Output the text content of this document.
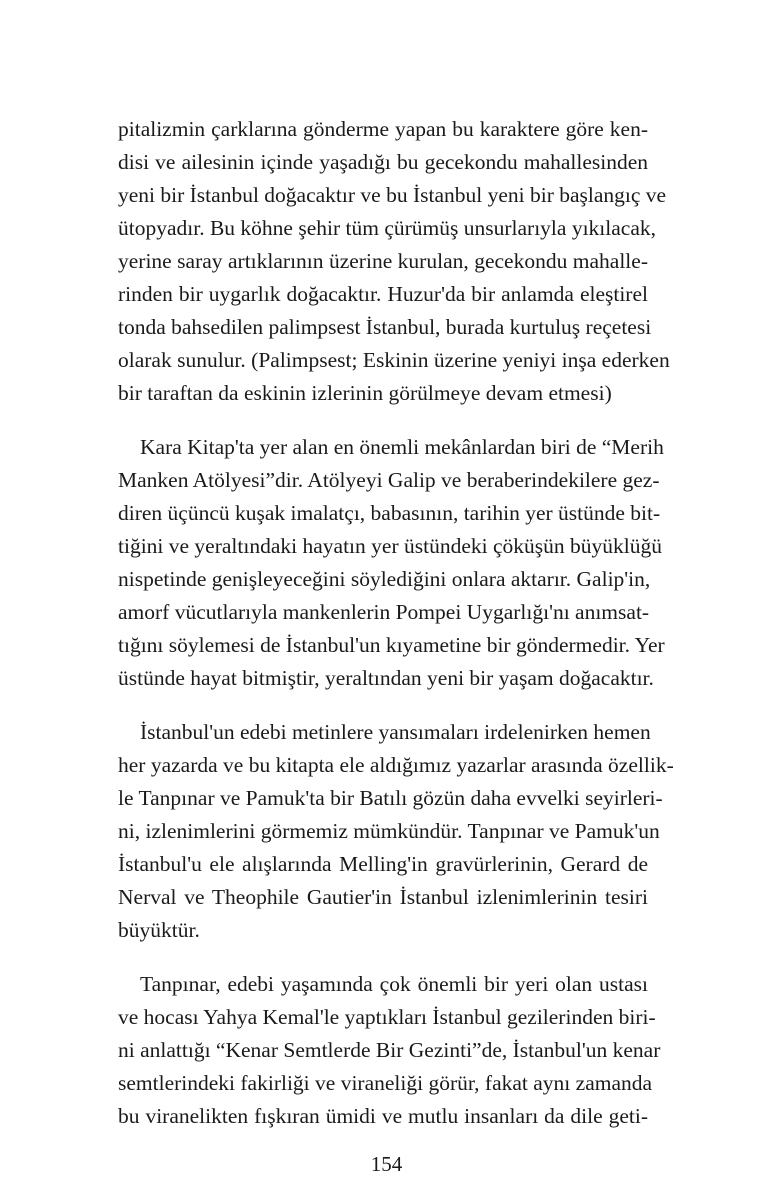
pitalizmin çarklarına gönderme yapan bu karaktere göre ken-
disi ve ailesinin içinde yaşadığı bu gecekondu mahallesinden
yeni bir İstanbul doğacaktır ve bu İstanbul yeni bir başlangıç ve
ütopyadır. Bu köhne şehir tüm çürümüş unsurlarıyla yıkılacak,
yerine saray artıklarının üzerine kurulan, gecekondu mahalle-
rinden bir uygarlık doğacaktır. Huzur'da bir anlamda eleştirel
tonda bahsedilen palimpsest İstanbul, burada kurtuluş reçetesi
olarak sunulur. (Palimpsest; Eskinin üzerine yeniyi inşa ederken
bir taraftan da eskinin izlerinin görülmeye devam etmesi)
Kara Kitap'ta yer alan en önemli mekânlardan biri de “Merih
Manken Atölyesi”dir. Atölyeyi Galip ve beraberindekilere gez-
diren üçüncü kuşak imalatçı, babasının, tarihin yer üstünde bit-
tiğini ve yeraltındaki hayatın yer üstündeki çöküşün büyüklüğü
nispetinde genişleyeceğini söylediğini onlara aktarır. Galip'in,
amorf vücutlarıyla mankenlerin Pompei Uygarlığı'nı anımsat-
tığını söylemesi de İstanbul'un kıyametine bir göndermedir. Yer
üstünde hayat bitmiştir, yeraltından yeni bir yaşam doğacaktır.
İstanbul'un edebi metinlere yansımaları irdelenirken hemen
her yazarda ve bu kitapta ele aldığımız yazarlar arasında özellik-
le Tanpınar ve Pamuk'ta bir Batılı gözün daha evvelki seyirleri-
ni, izlenimlerini görmemiz mümkündür. Tanpınar ve Pamuk'un
İstanbul'u ele alışlarında Melling'in gravürlerinin, Gerard de
Nerval ve Theophile Gautier'in İstanbul izlenimlerinin tesiri
büyüktür.
Tanpınar, edebi yaşamında çok önemli bir yeri olan ustası
ve hocası Yahya Kemal'le yaptıkları İstanbul gezilerinden biri-
ni anlattığı “Kenar Semtlerde Bir Gezinti”de, İstanbul'un kenar
semtlerindeki fakirliği ve viraneliği görür, fakat aynı zamanda
bu viranelikten fışkıran ümidi ve mutlu insanları da dile geti-
154
